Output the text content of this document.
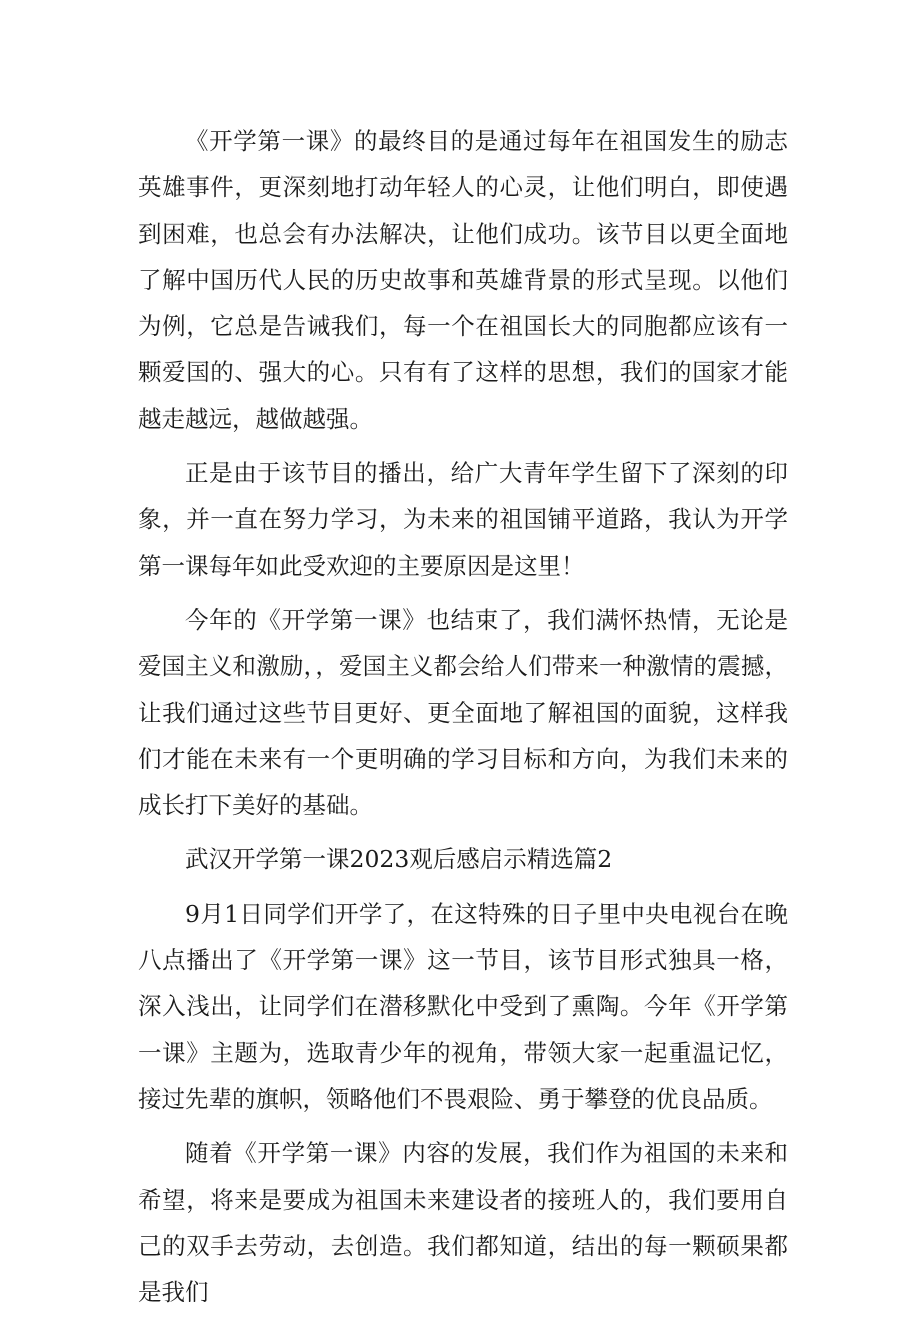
《开学第一课》的最终目的是通过每年在祖国发生的励志英雄事件，更深刻地打动年轻人的心灵，让他们明白，即使遇到困难，也总会有办法解决，让他们成功。该节目以更全面地了解中国历代人民的历史故事和英雄背景的形式呈现。以他们为例，它总是告诫我们，每一个在祖国长大的同胞都应该有一颗爱国的、强大的心。只有有了这样的思想，我们的国家才能越走越远，越做越强。

正是由于该节目的播出，给广大青年学生留下了深刻的印象，并一直在努力学习，为未来的祖国铺平道路，我认为开学第一课每年如此受欢迎的主要原因是这里！

今年的《开学第一课》也结束了，我们满怀热情，无论是爱国主义和激励，，爱国主义都会给人们带来一种激情的震撼，让我们通过这些节目更好、更全面地了解祖国的面貌，这样我们才能在未来有一个更明确的学习目标和方向，为我们未来的成长打下美好的基础。

武汉开学第一课2023观后感启示精选篇2

9月1日同学们开学了，在这特殊的日子里中央电视台在晚八点播出了《开学第一课》这一节目，该节目形式独具一格，深入浅出，让同学们在潜移默化中受到了熏陶。今年《开学第一课》主题为，选取青少年的视角，带领大家一起重温记忆，接过先辈的旗帜，领略他们不畏艰险、勇于攀登的优良品质。

随着《开学第一课》内容的发展，我们作为祖国的未来和希望，将来是要成为祖国未来建设者的接班人的，我们要用自己的双手去劳动，去创造。我们都知道，结出的每一颗硕果都是我们
